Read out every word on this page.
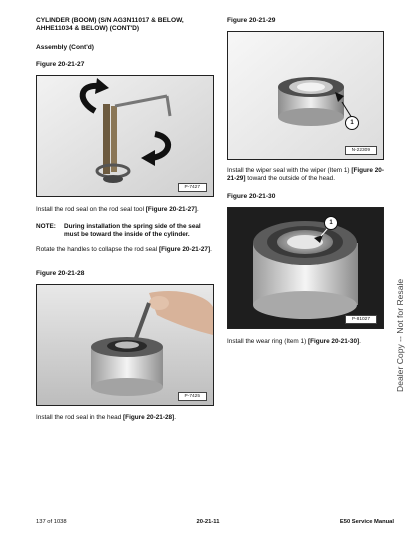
CYLINDER (BOOM) (S/N AG3N11017 & BELOW,
AHHE11034 & BELOW) (CONT'D)
Assembly (Cont'd)
Figure 20-21-27
P-7427
Install the rod seal on the rod seal tool [Figure 20-21-27].
NOTE: During installation the spring side of the seal must be toward the inside of the cylinder.
Rotate the handles to collapse the rod seal [Figure 20-21-27].
Figure 20-21-28
P-7425
Install the rod seal in the head [Figure 20-21-28].
Figure 20-21-29
1
N-22309
Install the wiper seal with the wiper (Item 1) [Figure 20-21-29] toward the outside of the head.
Figure 20-21-30
1
P-81027
Install the wear ring (Item 1) [Figure 20-21-30].	Dealer Copy -- Not for Resale
137 of 1038	20-21-11	E50 Service Manual
